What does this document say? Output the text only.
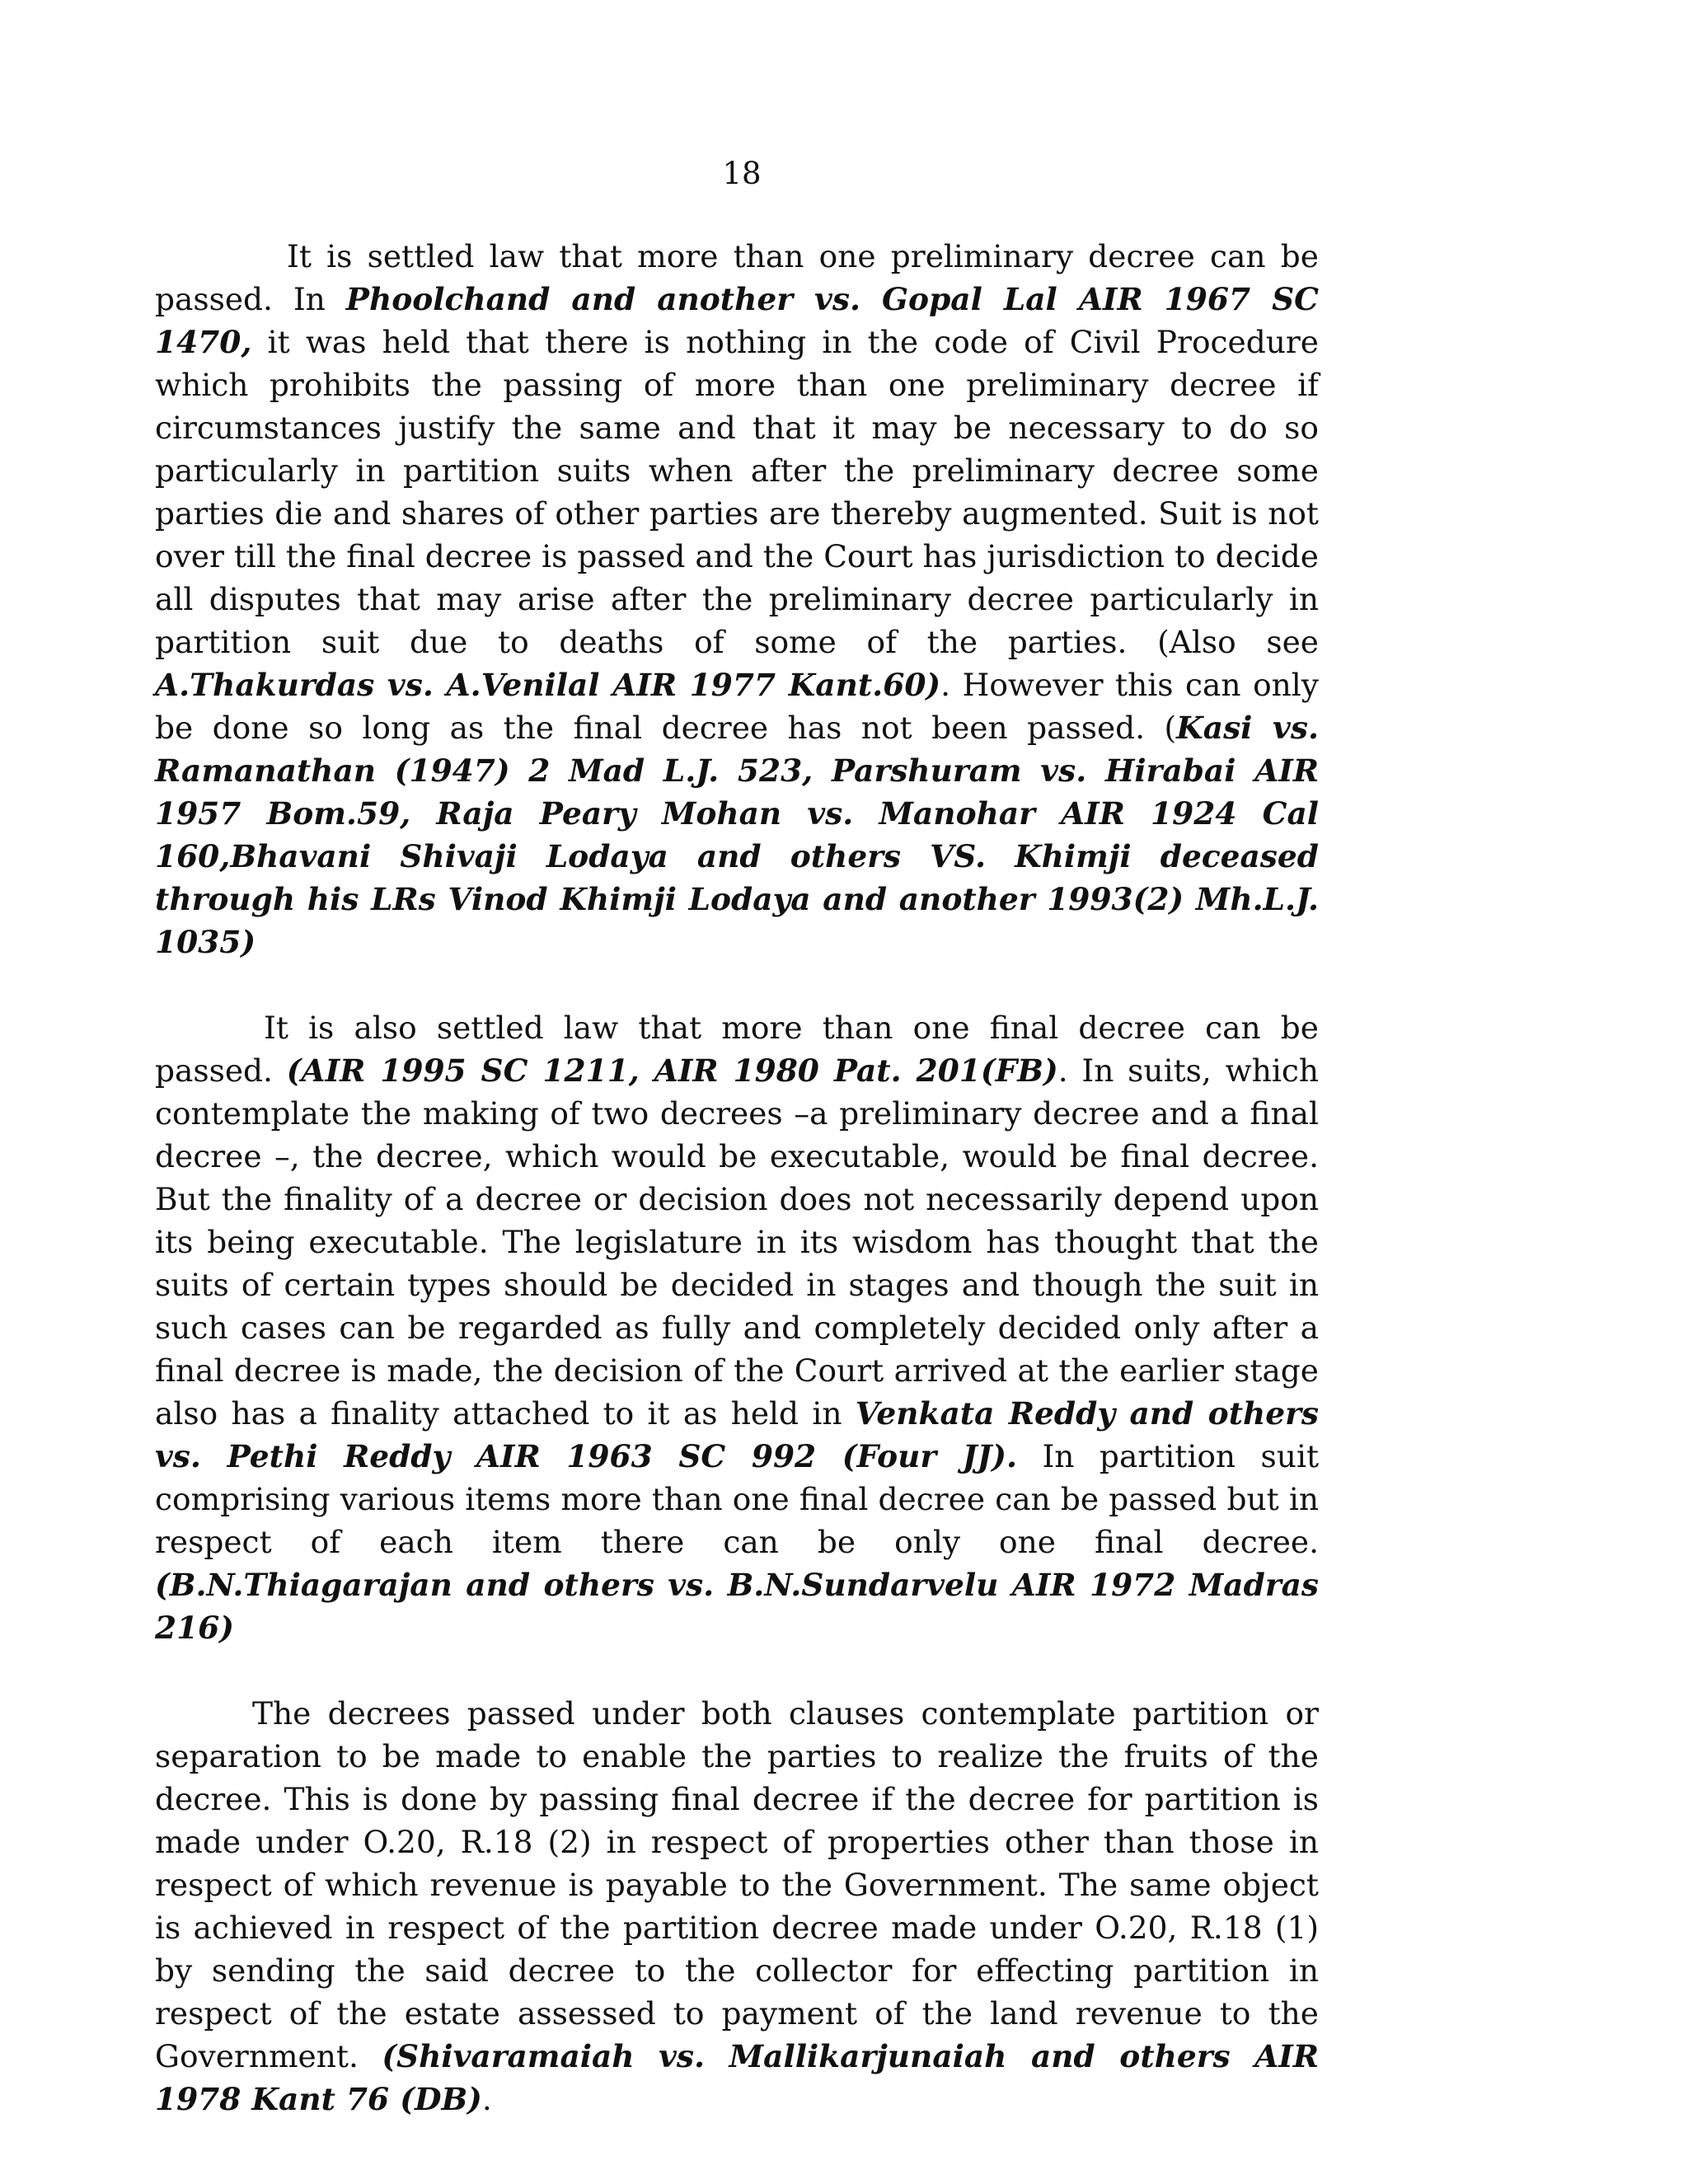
18

It is settled law that more than one preliminary decree can be passed. In Phoolchand and another vs. Gopal Lal AIR 1967 SC 1470, it was held that there is nothing in the code of Civil Procedure which prohibits the passing of more than one preliminary decree if circumstances justify the same and that it may be necessary to do so particularly in partition suits when after the preliminary decree some parties die and shares of other parties are thereby augmented. Suit is not over till the final decree is passed and the Court has jurisdiction to decide all disputes that may arise after the preliminary decree particularly in partition suit due to deaths of some of the parties. (Also see A.Thakurdas vs. A.Venilal AIR 1977 Kant.60). However this can only be done so long as the final decree has not been passed. (Kasi vs. Ramanathan (1947) 2 Mad L.J. 523, Parshuram vs. Hirabai AIR 1957 Bom.59, Raja Peary Mohan vs. Manohar AIR 1924 Cal 160,Bhavani Shivaji Lodaya and others VS. Khimji deceased through his LRs Vinod Khimji Lodaya and another 1993(2) Mh.L.J. 1035)

It is also settled law that more than one final decree can be passed. (AIR 1995 SC 1211, AIR 1980 Pat. 201(FB). In suits, which contemplate the making of two decrees –a preliminary decree and a final decree –, the decree, which would be executable, would be final decree. But the finality of a decree or decision does not necessarily depend upon its being executable. The legislature in its wisdom has thought that the suits of certain types should be decided in stages and though the suit in such cases can be regarded as fully and completely decided only after a final decree is made, the decision of the Court arrived at the earlier stage also has a finality attached to it as held in Venkata Reddy and others vs. Pethi Reddy AIR 1963 SC 992 (Four JJ). In partition suit comprising various items more than one final decree can be passed but in respect of each item there can be only one final decree. (B.N.Thiagarajan and others vs. B.N.Sundarvelu AIR 1972 Madras 216)

The decrees passed under both clauses contemplate partition or separation to be made to enable the parties to realize the fruits of the decree. This is done by passing final decree if the decree for partition is made under O.20, R.18 (2) in respect of properties other than those in respect of which revenue is payable to the Government. The same object is achieved in respect of the partition decree made under O.20, R.18 (1) by sending the said decree to the collector for effecting partition in respect of the estate assessed to payment of the land revenue to the Government. (Shivaramaiah vs. Mallikarjunaiah and others AIR 1978 Kant 76 (DB).
